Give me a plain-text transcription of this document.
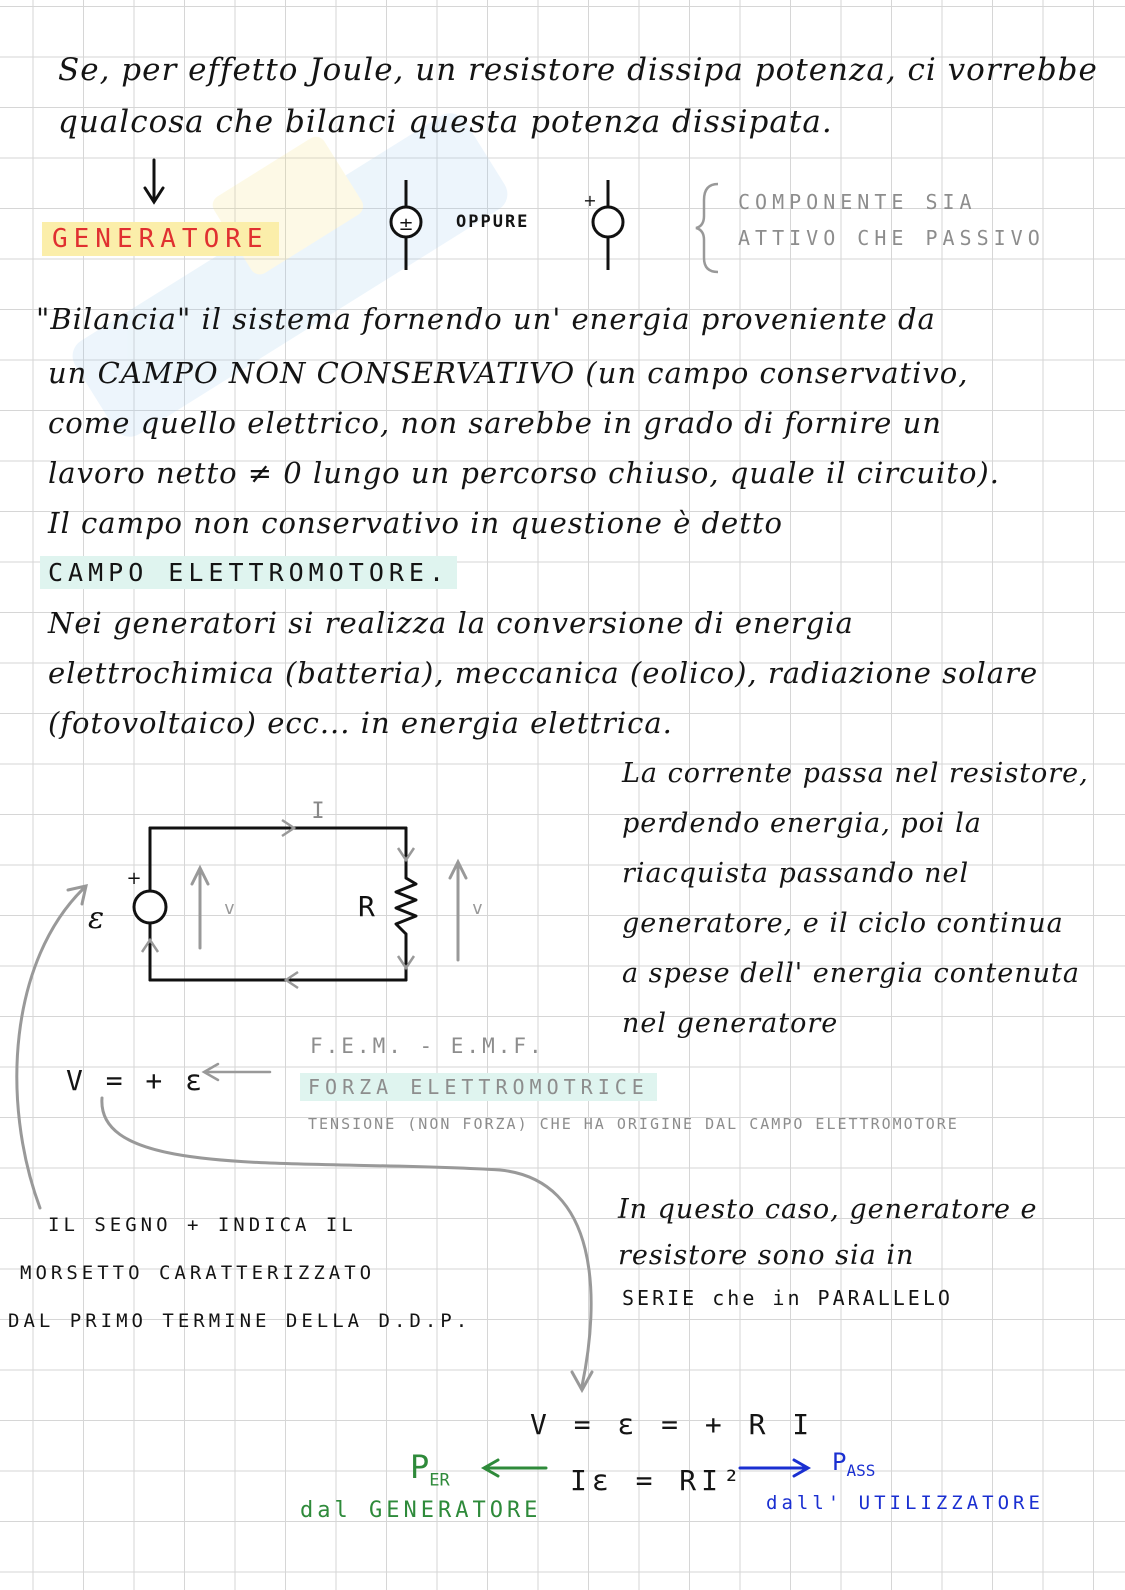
Se, per effetto Joule, un resistore dissipa potenza, ci vorrebbe
qualcosa che bilanci questa potenza dissipata.
GENERATORE
OPPURE
COMPONENTE SIA
ATTIVO CHE PASSIVO
"Bilancia" il sistema fornendo un' energia proveniente da
un CAMPO NON CONSERVATIVO (un campo conservativo,
come quello elettrico, non sarebbe in grado di fornire un
lavoro netto ≠ 0 lungo un percorso chiuso, quale il circuito).
Il campo non conservativo in questione è detto
CAMPO ELETTROMOTORE.
Nei generatori si realizza la conversione di energia
elettrochimica (batteria), meccanica (eolico), radiazione solare
(fotovoltaico) ecc... in energia elettrica.
La corrente passa nel resistore,
perdendo energia, poi la
riacquista passando nel
generatore, e il ciclo continua
a spese dell' energia contenuta
nel generatore
V = + ε
F.E.M. - E.M.F.
FORZA ELETTROMOTRICE
TENSIONE (NON FORZA) CHE HA ORIGINE DAL CAMPO ELETTROMOTORE
IL SEGNO + INDICA IL
MORSETTO CARATTERIZZATO
DAL PRIMO TERMINE DELLA D.D.P.
In questo caso, generatore e
resistore sono sia in
SERIE che in PARALLELO
V = ε = + R I
Iε = RI²
$P_{ER}$
dal GENERATORE
$P_{ASS}$
dall' UTILIZZATORE
±
+
I
v	v
R
ε
+
